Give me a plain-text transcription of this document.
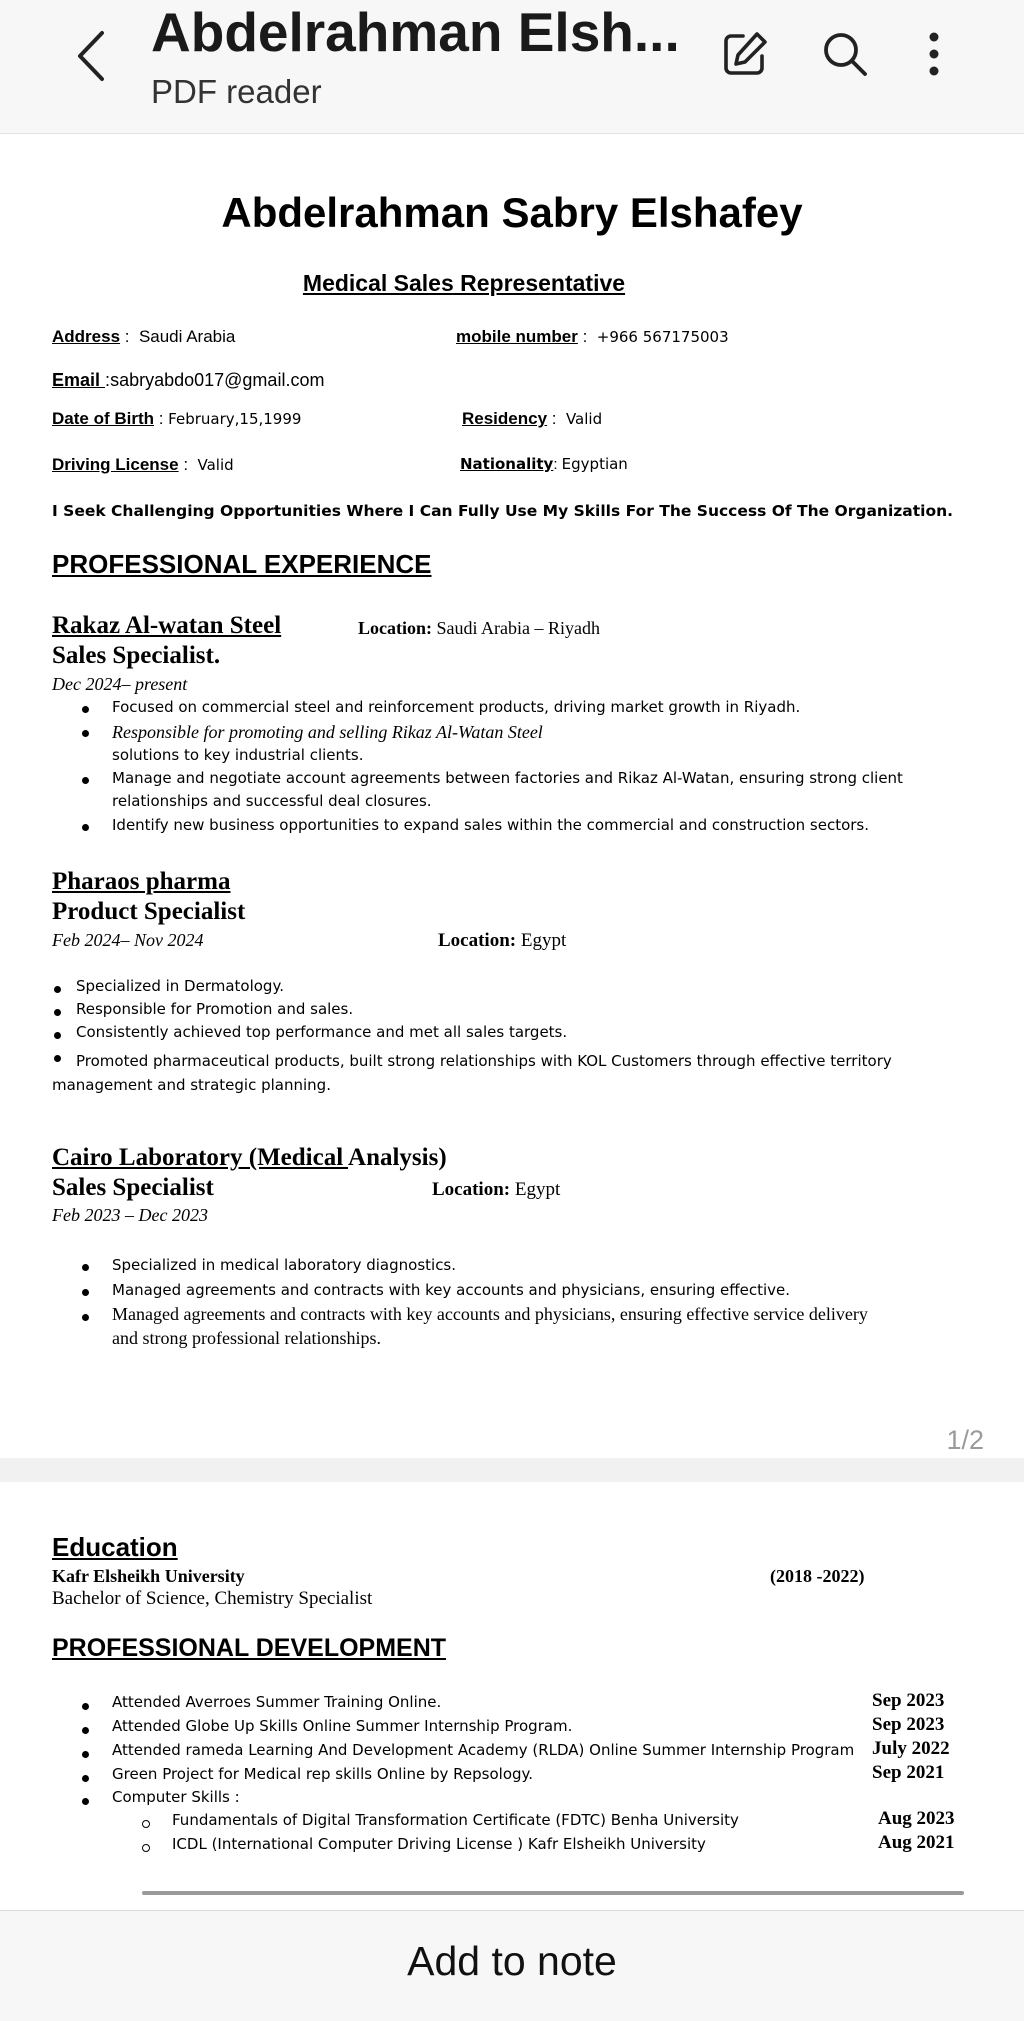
Abdelrahman Elsh...
PDF reader
Abdelrahman Sabry Elshafey
Medical Sales Representative
Address :  Saudi Arabia	mobile number :  +966 567175003
Email :sabryabdo017@gmail.com
Date of Birth : February,15,1999	Residency :  Valid
Driving License :  Valid	Nationality: Egyptian
I Seek Challenging Opportunities Where I Can Fully Use My Skills For The Success Of The Organization.
PROFESSIONAL EXPERIENCE
Rakaz Al-watan Steel	Location: Saudi Arabia – Riyadh
Sales Specialist.
Dec 2024– present
Focused on commercial steel and reinforcement products, driving market growth in Riyadh.
Responsible for promoting and selling Rikaz Al-Watan Steel
solutions to key industrial clients.
Manage and negotiate account agreements between factories and Rikaz Al-Watan, ensuring strong client
relationships and successful deal closures.
Identify new business opportunities to expand sales within the commercial and construction sectors.
Pharaos pharma
Product Specialist
Feb 2024– Nov 2024	Location: Egypt
Specialized in Dermatology.
Responsible for Promotion and sales.
Consistently achieved top performance and met all sales targets.
Promoted pharmaceutical products, built strong relationships with KOL Customers through effective territory
management and strategic planning.
Cairo Laboratory (Medical Analysis)
Sales Specialist	Location: Egypt
Feb 2023 – Dec 2023
Specialized in medical laboratory diagnostics.
Managed agreements and contracts with key accounts and physicians, ensuring effective.
Managed agreements and contracts with key accounts and physicians, ensuring effective service delivery
and strong professional relationships.
1/2
Education
Kafr Elsheikh University	(2018 -2022)
Bachelor of Science, Chemistry Specialist
PROFESSIONAL DEVELOPMENT
Attended Averroes Summer Training Online.	Sep 2023
Attended Globe Up Skills Online Summer Internship Program.	Sep 2023
Attended rameda Learning And Development Academy (RLDA) Online Summer Internship Program July 2022
Green Project for Medical rep skills Online by Repsology.	Sep 2021
Computer Skills :
Fundamentals of Digital Transformation Certificate (FDTC) Benha University	Aug 2023
ICDL (International Computer Driving License ) Kafr Elsheikh University	Aug 2021
Add to note
